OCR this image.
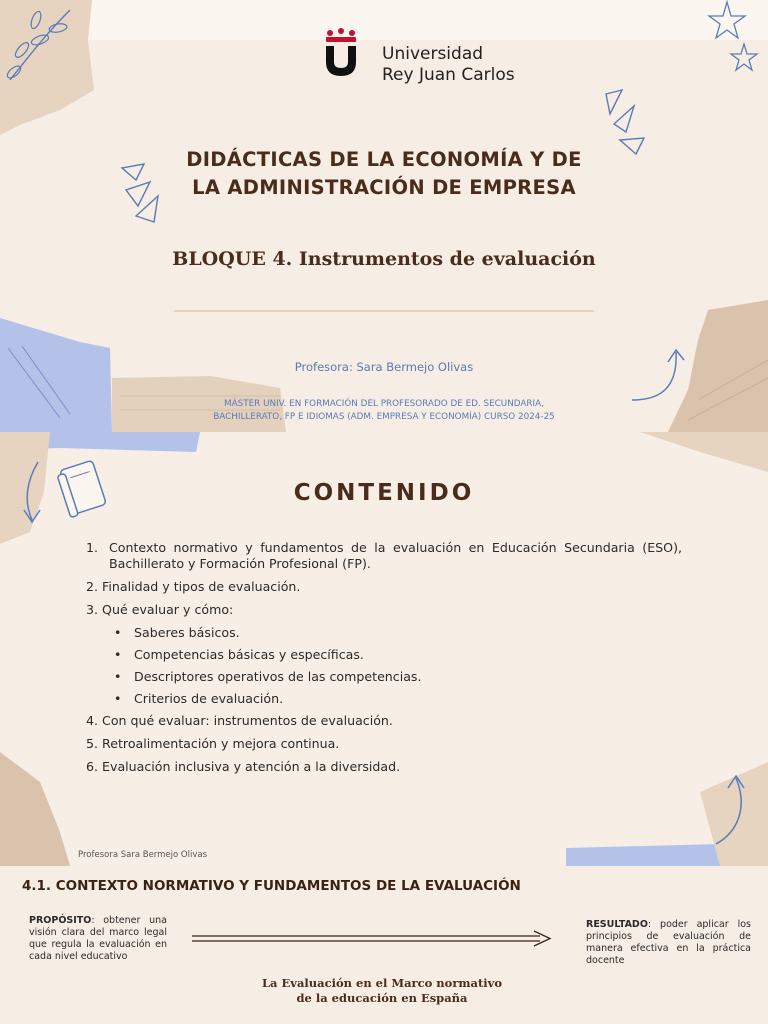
Universidad
Rey Juan Carlos
DIDÁCTICAS DE LA ECONOMÍA Y DE
LA ADMINISTRACIÓN DE EMPRESA
BLOQUE 4. Instrumentos de evaluación
Profesora: Sara Bermejo Olivas
MÁSTER UNIV. EN FORMACIÓN DEL PROFESORADO DE ED. SECUNDARIA,
BACHILLERATO, FP E IDIOMAS (ADM. EMPRESA Y ECONOMÍA) CURSO 2024-25
CONTENIDO
1. Contexto normativo y fundamentos de la evaluación en Educación Secundaria (ESO), Bachillerato y Formación Profesional (FP).
2. Finalidad y tipos de evaluación.
3. Qué evaluar y cómo:
• Saberes básicos.
• Competencias básicas y específicas.
• Descriptores operativos de las competencias.
• Criterios de evaluación.
4. Con qué evaluar: instrumentos de evaluación.
5. Retroalimentación y mejora continua.
6. Evaluación inclusiva y atención a la diversidad.
Profesora Sara Bermejo Olivas
4.1. CONTEXTO NORMATIVO Y FUNDAMENTOS DE LA EVALUACIÓN
PROPÓSITO: obtener una visión clara del marco legal que regula la evaluación en cada nivel educativo
RESULTADO: poder aplicar los principios de evaluación de manera efectiva en la práctica docente
La Evaluación en el Marco normativo
de la educación en España
